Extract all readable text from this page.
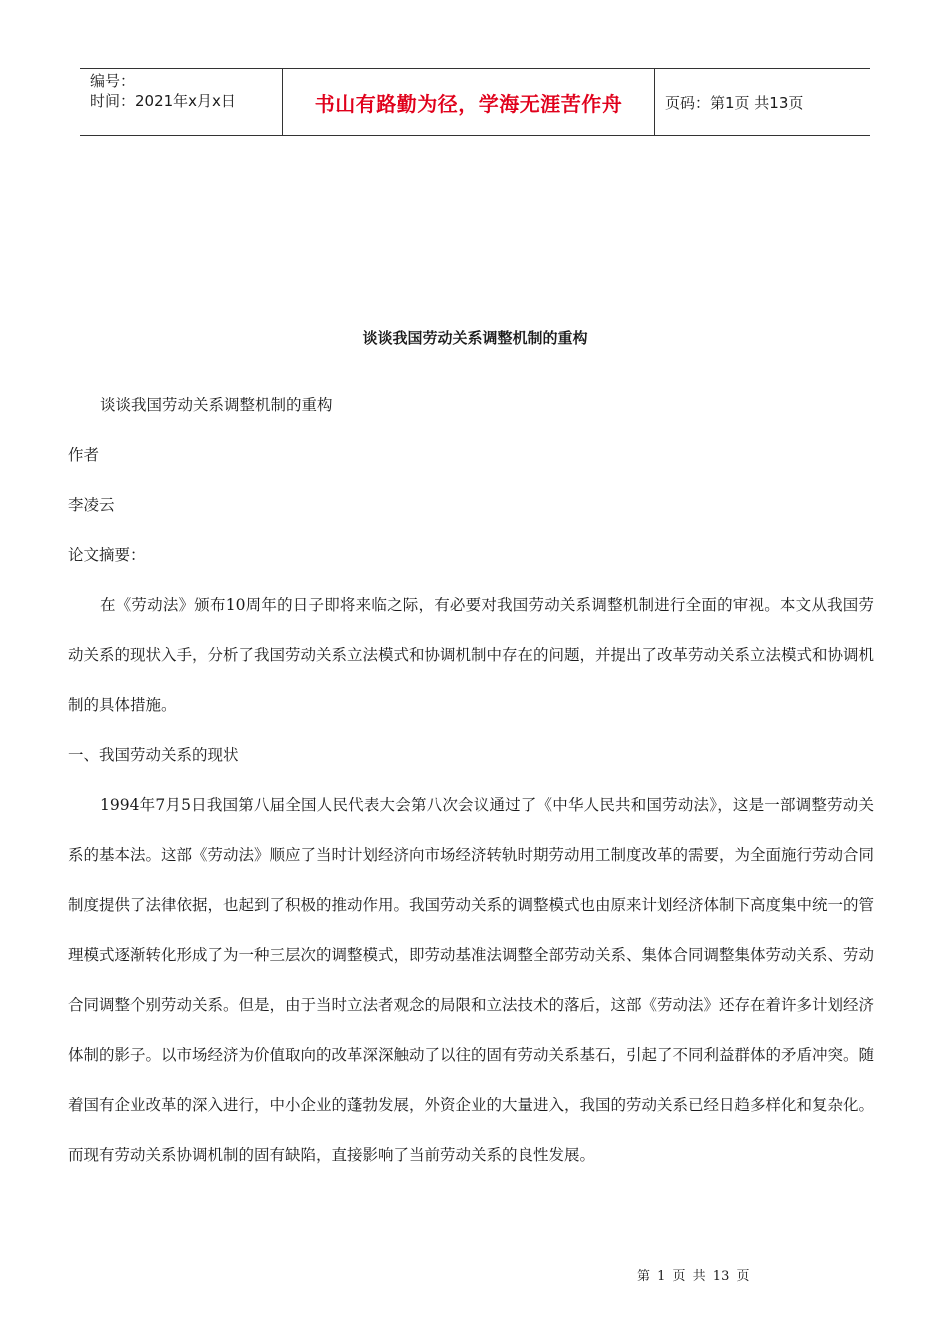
编号：
时间：2021年x月x日	书山有路勤为径，学海无涯苦作舟	页码：第1页 共13页
谈谈我国劳动关系调整机制的重构

谈谈我国劳动关系调整机制的重构

作者

李凌云

论文摘要：

在《劳动法》颁布10周年的日子即将来临之际，有必要对我国劳动关系调整机制进行全面的审视。本文从我国劳动关系的现状入手，分析了我国劳动关系立法模式和协调机制中存在的问题，并提出了改革劳动关系立法模式和协调机制的具体措施。

一、我国劳动关系的现状

1994年7月5日我国第八届全国人民代表大会第八次会议通过了《中华人民共和国劳动法》，这是一部调整劳动关系的基本法。这部《劳动法》顺应了当时计划经济向市场经济转轨时期劳动用工制度改革的需要，为全面施行劳动合同制度提供了法律依据，也起到了积极的推动作用。我国劳动关系的调整模式也由原来计划经济体制下高度集中统一的管理模式逐渐转化形成了为一种三层次的调整模式，即劳动基准法调整全部劳动关系、集体合同调整集体劳动关系、劳动合同调整个别劳动关系。但是，由于当时立法者观念的局限和立法技术的落后，这部《劳动法》还存在着许多计划经济体制的影子。以市场经济为价值取向的改革深深触动了以往的固有劳动关系基石，引起了不同利益群体的矛盾冲突。随着国有企业改革的深入进行，中小企业的蓬勃发展，外资企业的大量进入，我国的劳动关系已经日趋多样化和复杂化。而现有劳动关系协调机制的固有缺陷，直接影响了当前劳动关系的良性发展。

第 1 页 共 13 页
